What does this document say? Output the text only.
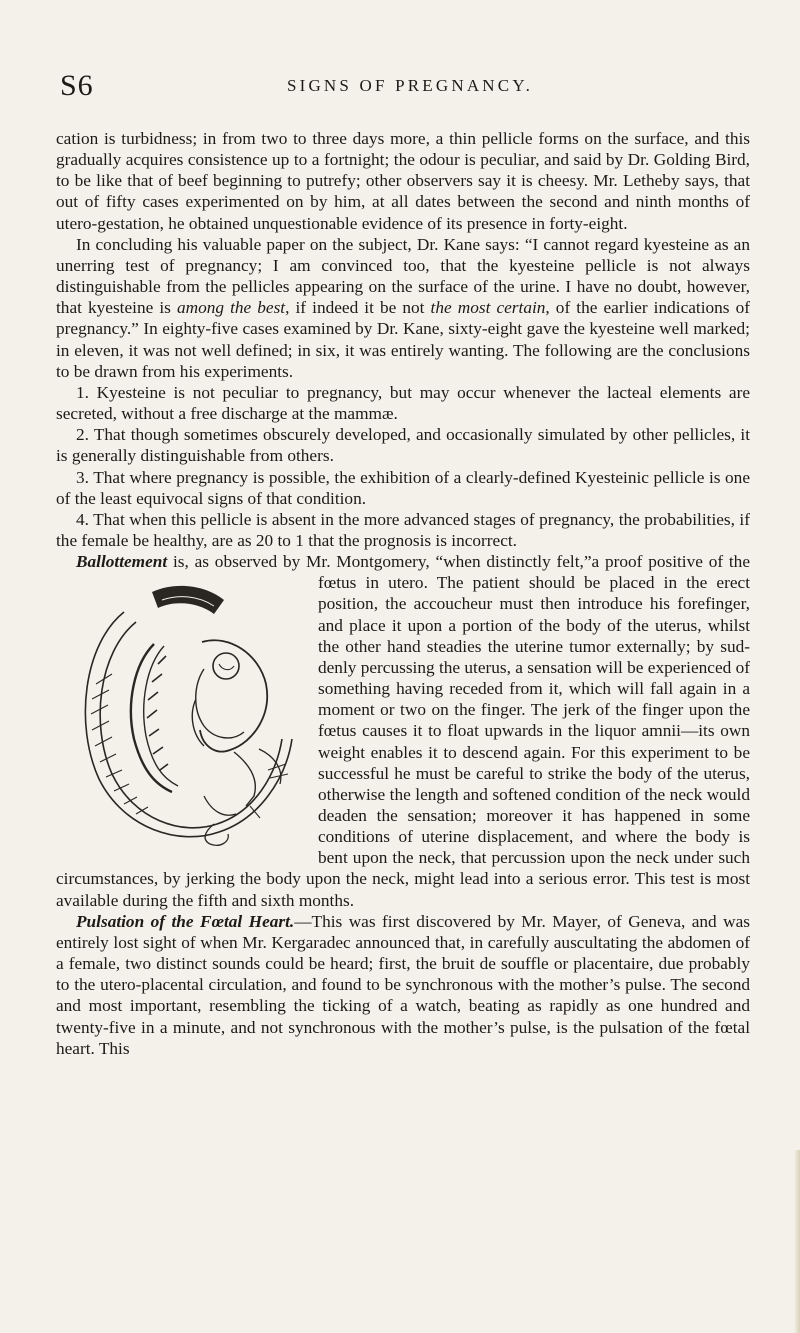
S6	SIGNS OF PREGNANCY.

cation is turbidness; in from two to three days more, a thin pellicle forms on the surface, and this gradually acquires consistence up to a fortnight; the odour is peculiar, and said by Dr. Golding Bird, to be like that of beef beginning to putrefy; other observers say it is cheesy. Mr. Letheby says, that out of fifty cases experimented on by him, at all dates between the second and ninth months of utero-gestation, he obtained unquestionable evidence of its presence in forty-eight.

In concluding his valuable paper on the subject, Dr. Kane says: “I cannot regard kyesteine as an unerring test of pregnancy; I am convinced too, that the kyesteine pellicle is not always distinguishable from the pellicles appearing on the surface of the urine. I have no doubt, however, that kyesteine is among the best, if indeed it be not the most certain, of the earlier indications of pregnancy.” In eighty-five cases examined by Dr. Kane, sixty-eight gave the kyesteine well marked; in eleven, it was not well defined; in six, it was entirely wanting. The following are the conclusions to be drawn from his experiments.

1. Kyesteine is not peculiar to pregnancy, but may occur whenever the lacteal elements are secreted, without a free discharge at the mammæ.

2. That though sometimes obscurely developed, and occasionally simulated by other pellicles, it is generally distinguishable from others.

3. That where pregnancy is possible, the exhibition of a clearly-defined Kyesteinic pellicle is one of the least equivocal signs of that condition.

4. That when this pellicle is absent in the more advanced stages of pregnancy, the probabilities, if the female be healthy, are as 20 to 1 that the prognosis is incorrect.

Ballottement is, as observed by Mr. Montgomery, “when distinctly felt,”
a proof positive of the fœtus in utero. The patient should be placed in the erect position, the accoucheur must then introduce his forefinger, and place it upon a portion of the body of the uterus, whilst the other hand steadies the uterine tumor externally; by suddenly percussing the uterus, a sensation will be experienced of something having receded from it, which will fall again in a moment or two on the finger. The jerk of the finger upon the fœtus causes it to float upwards in the liquor amnii—its own weight enables it to descend again. For this experiment to be successful he must be careful to strike the body of the uterus, otherwise the length and softened condition of the neck would deaden the sensation; moreover it has happened in some conditions of uterine displacement, and where the body is bent upon the neck, that percussion upon the neck under such circumstances, by jerking the body upon the neck, might lead into a serious error. This test is most available during the fifth and sixth months.

Pulsation of the Fœtal Heart.—This was first discovered by Mr. Mayer, of Geneva, and was entirely lost sight of when Mr. Kergaradec announced that, in carefully auscultating the abdomen of a female, two distinct sounds could be heard; first, the bruit de souffle or placentaire, due probably to the utero-placental circulation, and found to be synchronous with the mother’s pulse. The second and most important, resembling the ticking of a watch, beating as rapidly as one hundred and twenty-five in a minute, and not synchronous with the mother’s pulse, is the pulsation of the fœtal heart. This
